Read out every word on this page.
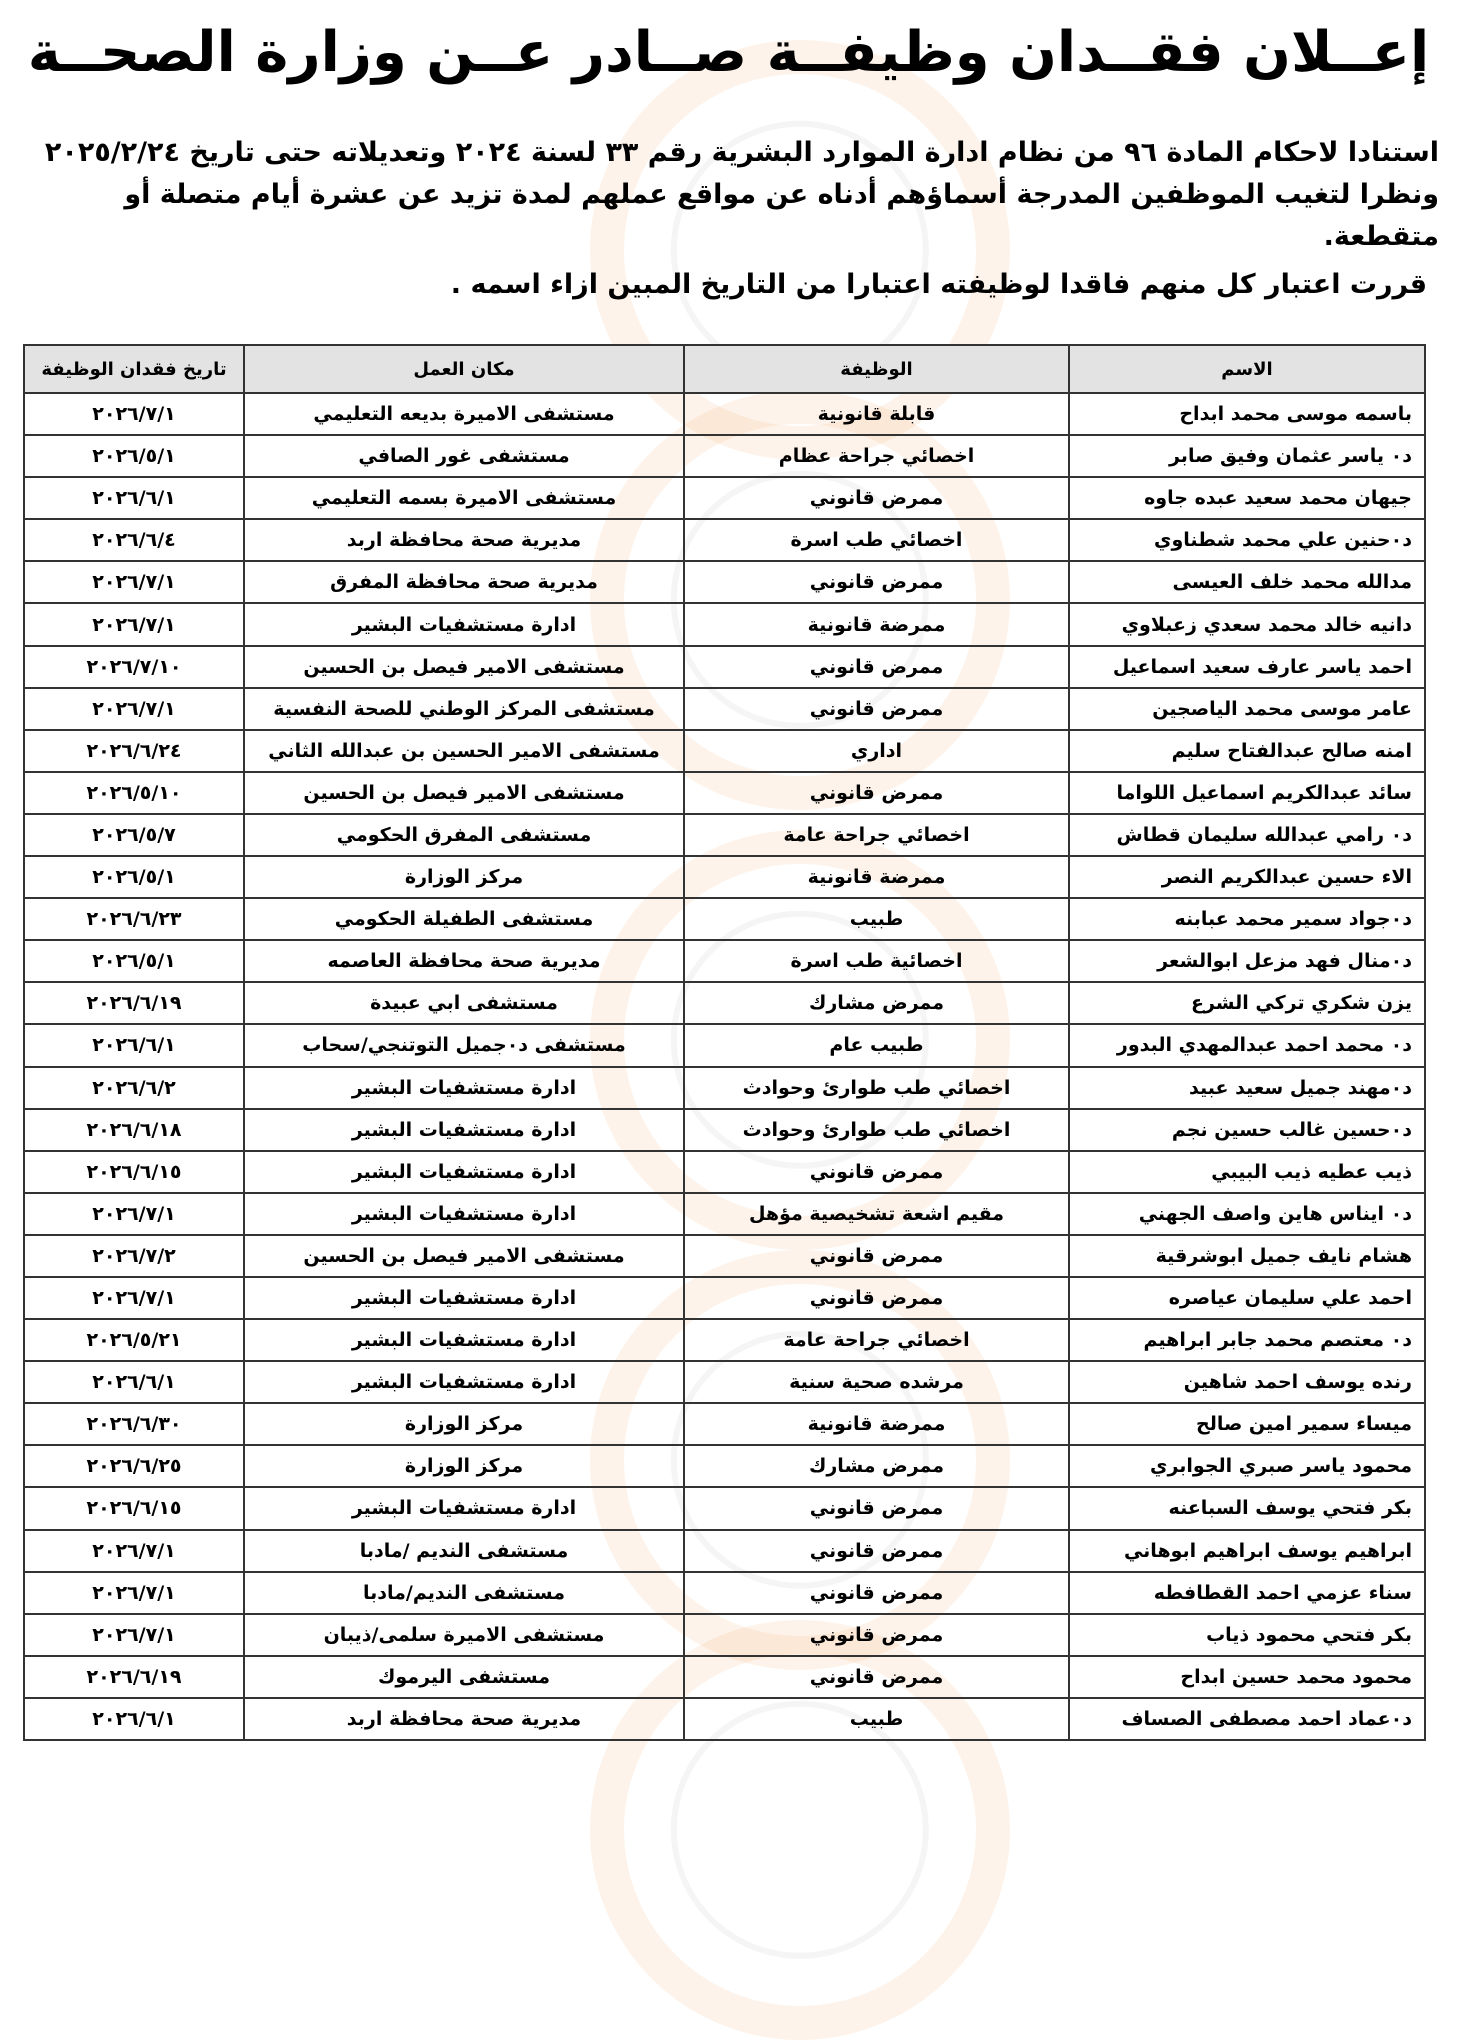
إعــلان فقــدان وظيفــة صــادر عــن وزارة الصحــة
استنادا لاحكام المادة ٩٦ من نظام ادارة الموارد البشرية رقم ٣٣ لسنة ٢٠٢٤ وتعديلاته حتى تاريخ ٢٠٢٥/٢/٢٤
ونظرا لتغيب الموظفين المدرجة أسماؤهم أدناه عن مواقع عملهم لمدة تزيد عن عشرة أيام متصلة أو متقطعة.
قررت اعتبار كل منهم فاقدا لوظيفته اعتبارا من التاريخ المبين ازاء اسمه .
الاسم	الوظيفة	مكان العمل	تاريخ فقدان الوظيفة
باسمه موسى محمد ابداح	قابلة قانونية	مستشفى الاميرة بديعه التعليمي	٢٠٢٦/٧/١
د٠ ياسر عثمان وفيق صابر	اخصائي جراحة عظام	مستشفى غور الصافي	٢٠٢٦/٥/١
جيهان محمد سعيد عبده جاوه	ممرض قانوني	مستشفى الاميرة بسمه التعليمي	٢٠٢٦/٦/١
د٠حنين علي محمد شطناوي	اخصائي طب اسرة	مديرية صحة محافظة اربد	٢٠٢٦/٦/٤
مدالله محمد خلف العيسى	ممرض قانوني	مديرية صحة محافظة المفرق	٢٠٢٦/٧/١
دانيه خالد محمد سعدي زعبلاوي	ممرضة قانونية	ادارة مستشفيات البشير	٢٠٢٦/٧/١
احمد ياسر عارف سعيد اسماعيل	ممرض قانوني	مستشفى الامير فيصل بن الحسين	٢٠٢٦/٧/١٠
عامر موسى محمد الياصجين	ممرض قانوني	مستشفى المركز الوطني للصحة النفسية	٢٠٢٦/٧/١
امنه صالح عبدالفتاح سليم	اداري	مستشفى الامير الحسين بن عبدالله الثاني	٢٠٢٦/٦/٢٤
سائد عبدالكريم اسماعيل اللواما	ممرض قانوني	مستشفى الامير فيصل بن الحسين	٢٠٢٦/٥/١٠
د٠ رامي عبدالله سليمان قطاش	اخصائي جراحة عامة	مستشفى المفرق الحكومي	٢٠٢٦/٥/٧
الاء حسين عبدالكريم النصر	ممرضة قانونية	مركز الوزارة	٢٠٢٦/٥/١
د٠جواد سمير محمد عبابنه	طبيب	مستشفى الطفيلة الحكومي	٢٠٢٦/٦/٢٣
د٠منال فهد مزعل ابوالشعر	اخصائية طب اسرة	مديرية صحة محافظة العاصمه	٢٠٢٦/٥/١
يزن شكري تركي الشرع	ممرض مشارك	مستشفى ابي عبيدة	٢٠٢٦/٦/١٩
د٠ محمد احمد عبدالمهدي البدور	طبيب عام	مستشفى د٠جميل التوتنجي/سحاب	٢٠٢٦/٦/١
د٠مهند جميل سعيد عبيد	اخصائي طب طوارئ وحوادث	ادارة مستشفيات البشير	٢٠٢٦/٦/٢
د٠حسين غالب حسين نجم	اخصائي طب طوارئ وحوادث	ادارة مستشفيات البشير	٢٠٢٦/٦/١٨
ذيب عطيه ذيب البيبي	ممرض قانوني	ادارة مستشفيات البشير	٢٠٢٦/٦/١٥
د٠ ايناس هاين واصف الجهني	مقيم اشعة تشخيصية مؤهل	ادارة مستشفيات البشير	٢٠٢٦/٧/١
هشام نايف جميل ابوشرقية	ممرض قانوني	مستشفى الامير فيصل بن الحسين	٢٠٢٦/٧/٢
احمد علي سليمان عياصره	ممرض قانوني	ادارة مستشفيات البشير	٢٠٢٦/٧/١
د٠ معتصم محمد جابر ابراهيم	اخصائي جراحة عامة	ادارة مستشفيات البشير	٢٠٢٦/٥/٢١
رنده يوسف احمد شاهين	مرشده صحية سنية	ادارة مستشفيات البشير	٢٠٢٦/٦/١
ميساء سمير امين صالح	ممرضة قانونية	مركز الوزارة	٢٠٢٦/٦/٣٠
محمود ياسر صبري الجوابري	ممرض مشارك	مركز الوزارة	٢٠٢٦/٦/٢٥
بكر فتحي يوسف السباعنه	ممرض قانوني	ادارة مستشفيات البشير	٢٠٢٦/٦/١٥
ابراهيم يوسف ابراهيم ابوهاني	ممرض قانوني	مستشفى النديم /مادبا	٢٠٢٦/٧/١
سناء عزمي احمد القطافطه	ممرض قانوني	مستشفى النديم/مادبا	٢٠٢٦/٧/١
بكر فتحي محمود ذياب	ممرض قانوني	مستشفى الاميرة سلمى/ذيبان	٢٠٢٦/٧/١
محمود محمد حسين ابداح	ممرض قانوني	مستشفى اليرموك	٢٠٢٦/٦/١٩
د٠عماد احمد مصطفى الصساف	طبيب	مديرية صحة محافظة اربد	٢٠٢٦/٦/١
